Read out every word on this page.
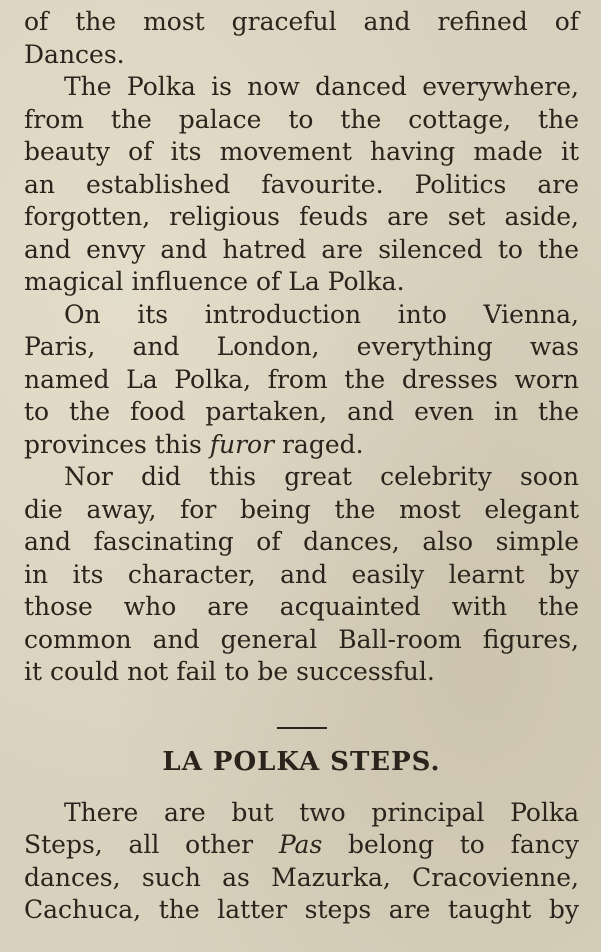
of the most graceful and refined of
Dances.

The Polka is now danced everywhere,
from the palace to the cottage, the
beauty of its movement having made it
an established favourite. Politics are
forgotten, religious feuds are set aside,
and envy and hatred are silenced to the
magical influence of La Polka.

On its introduction into Vienna,
Paris, and London, everything was
named La Polka, from the dresses worn
to the food partaken, and even in the
provinces this furor raged.

Nor did this great celebrity soon
die away, for being the most elegant
and fascinating of dances, also simple
in its character, and easily learnt by
those who are acquainted with the
common and general Ball-room figures,
it could not fail to be successful.

LA POLKA STEPS.

There are but two principal Polka
Steps, all other Pas belong to fancy
dances, such as Mazurka, Cracovienne,
Cachuca, the latter steps are taught by
